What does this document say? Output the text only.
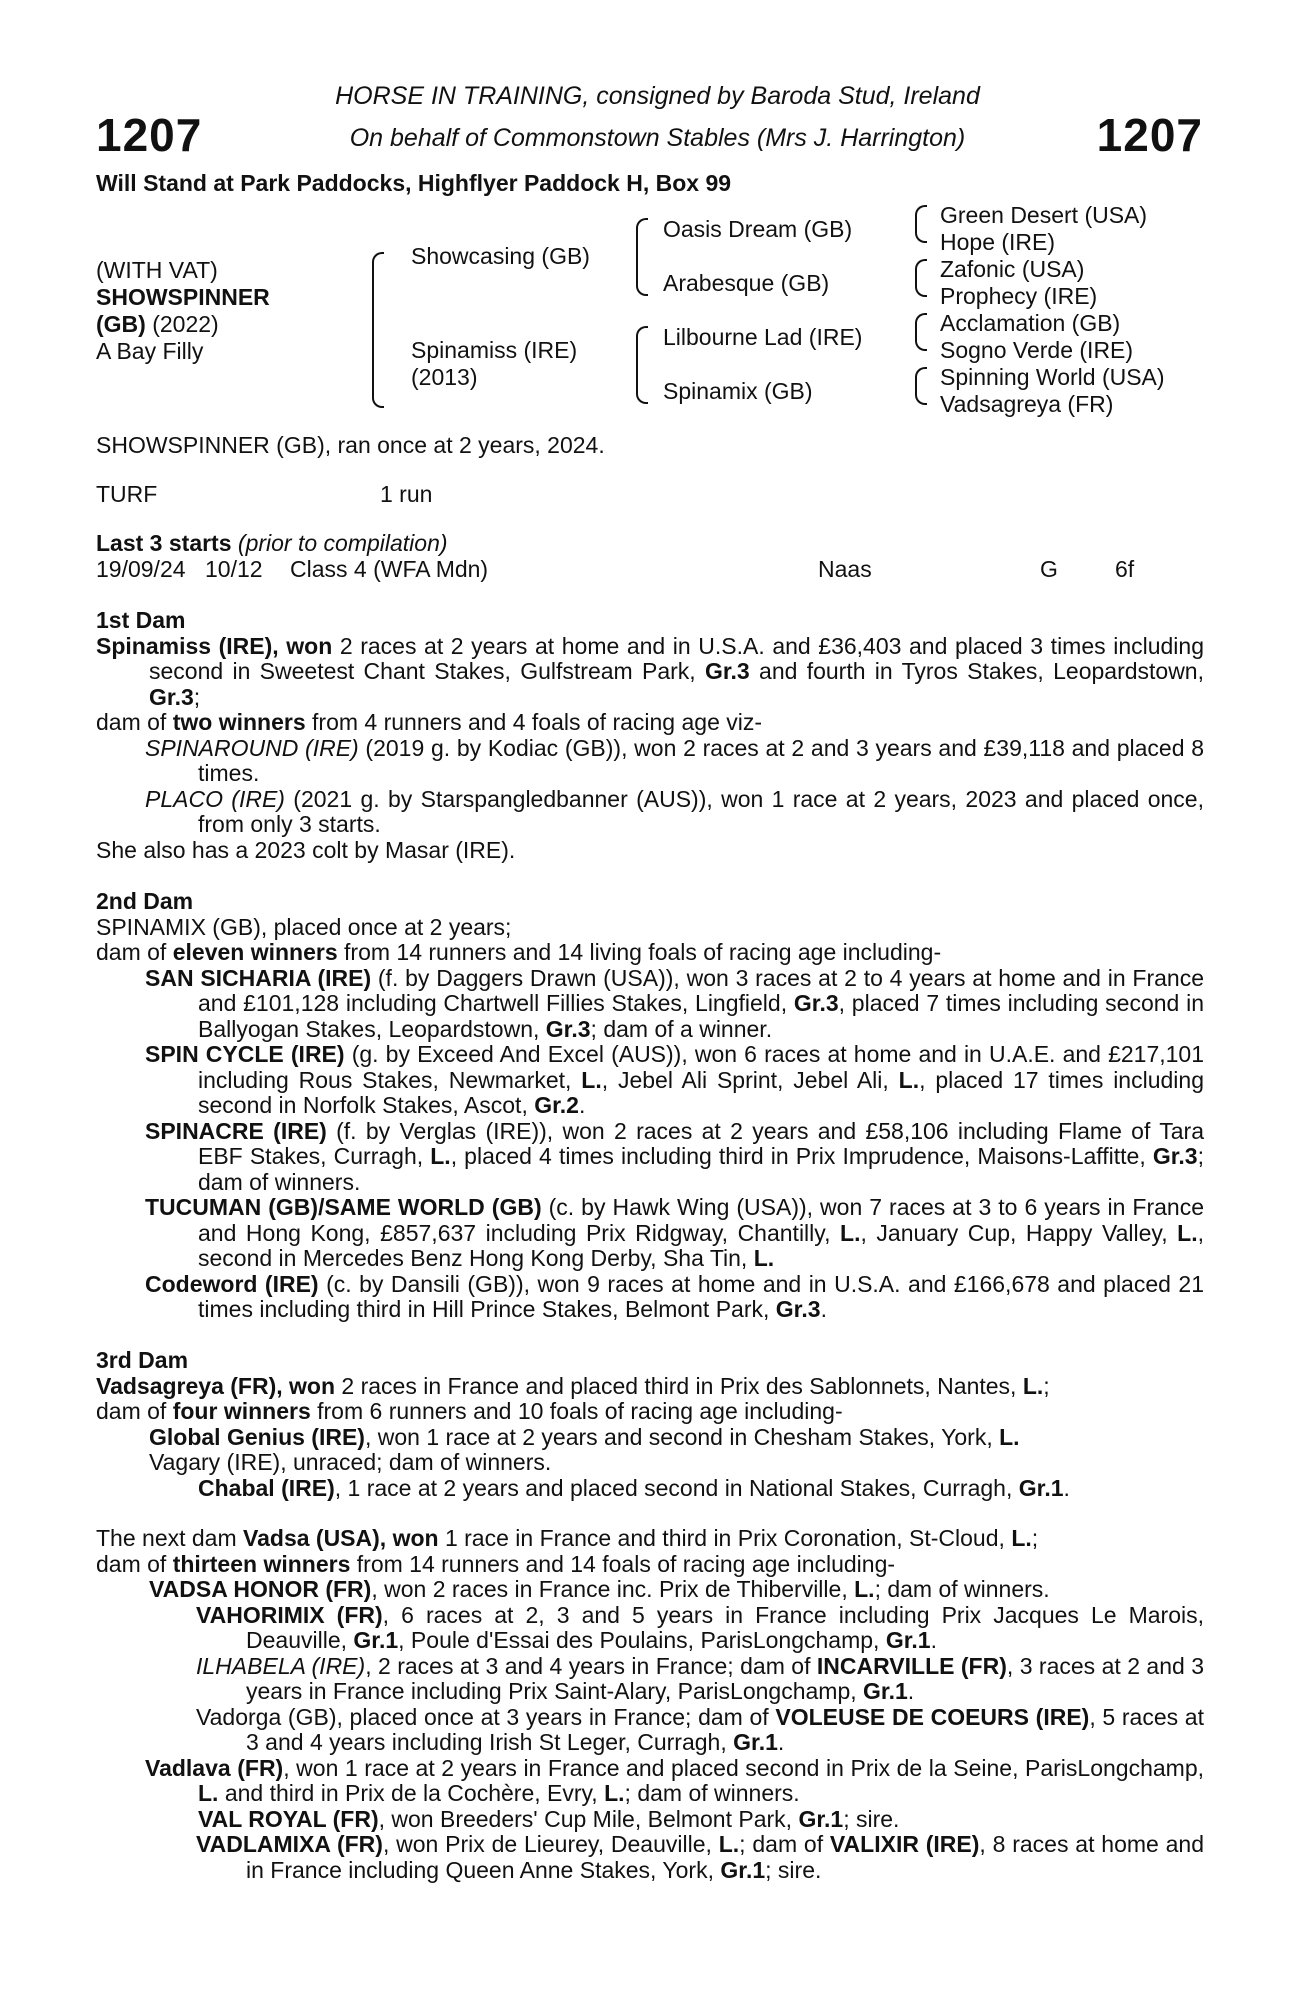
1207	1207
HORSE IN TRAINING, consigned by Baroda Stud, Ireland
On behalf of Commonstown Stables (Mrs J. Harrington)
Will Stand at Park Paddocks, Highflyer Paddock H, Box 99
(WITH VAT)
SHOWSPINNER
(GB) (2022)
A Bay Filly
Showcasing (GB)
Spinamiss (IRE)
(2013)
Oasis Dream (GB)
Arabesque (GB)
Lilbourne Lad (IRE)
Spinamix (GB)
Green Desert (USA)
Hope (IRE)
Zafonic (USA)
Prophecy (IRE)
Acclamation (GB)
Sogno Verde (IRE)
Spinning World (USA)
Vadsagreya (FR)
SHOWSPINNER (GB), ran once at 2 years, 2024.
TURF	1 run
Last 3 starts (prior to compilation)
19/09/24 10/12 Class 4 (WFA Mdn)	Naas	G 6f

1st Dam

Spinamiss (IRE), won 2 races at 2 years at home and in U.S.A. and £36,403 and placed 3 times including second in Sweetest Chant Stakes, Gulfstream Park, Gr.3 and fourth in Tyros Stakes, Leopardstown, Gr.3;

dam of two winners from 4 runners and 4 foals of racing age viz-

SPINAROUND (IRE) (2019 g. by Kodiac (GB)), won 2 races at 2 and 3 years and £39,118 and placed 8 times.

PLACO (IRE) (2021 g. by Starspangledbanner (AUS)), won 1 race at 2 years, 2023 and placed once, from only 3 starts.

She also has a 2023 colt by Masar (IRE).

2nd Dam

SPINAMIX (GB), placed once at 2 years;

dam of eleven winners from 14 runners and 14 living foals of racing age including-

SAN SICHARIA (IRE) (f. by Daggers Drawn (USA)), won 3 races at 2 to 4 years at home and in France and £101,128 including Chartwell Fillies Stakes, Lingfield, Gr.3, placed 7 times including second in Ballyogan Stakes, Leopardstown, Gr.3; dam of a winner.

SPIN CYCLE (IRE) (g. by Exceed And Excel (AUS)), won 6 races at home and in U.A.E. and £217,101 including Rous Stakes, Newmarket, L., Jebel Ali Sprint, Jebel Ali, L., placed 17 times including second in Norfolk Stakes, Ascot, Gr.2.

SPINACRE (IRE) (f. by Verglas (IRE)), won 2 races at 2 years and £58,106 including Flame of Tara EBF Stakes, Curragh, L., placed 4 times including third in Prix Imprudence, Maisons-Laffitte, Gr.3; dam of winners.

TUCUMAN (GB)/SAME WORLD (GB) (c. by Hawk Wing (USA)), won 7 races at 3 to 6 years in France and Hong Kong, £857,637 including Prix Ridgway, Chantilly, L., January Cup, Happy Valley, L., second in Mercedes Benz Hong Kong Derby, Sha Tin, L.

Codeword (IRE) (c. by Dansili (GB)), won 9 races at home and in U.S.A. and £166,678 and placed 21 times including third in Hill Prince Stakes, Belmont Park, Gr.3.

3rd Dam

Vadsagreya (FR), won 2 races in France and placed third in Prix des Sablonnets, Nantes, L.;

dam of four winners from 6 runners and 10 foals of racing age including-

Global Genius (IRE), won 1 race at 2 years and second in Chesham Stakes, York, L.

Vagary (IRE), unraced; dam of winners.

Chabal (IRE), 1 race at 2 years and placed second in National Stakes, Curragh, Gr.1.

The next dam Vadsa (USA), won 1 race in France and third in Prix Coronation, St-Cloud, L.;

dam of thirteen winners from 14 runners and 14 foals of racing age including-

VADSA HONOR (FR), won 2 races in France inc. Prix de Thiberville, L.; dam of winners.

VAHORIMIX (FR), 6 races at 2, 3 and 5 years in France including Prix Jacques Le Marois, Deauville, Gr.1, Poule d'Essai des Poulains, ParisLongchamp, Gr.1.

ILHABELA (IRE), 2 races at 3 and 4 years in France; dam of INCARVILLE (FR), 3 races at 2 and 3 years in France including Prix Saint-Alary, ParisLongchamp, Gr.1.

Vadorga (GB), placed once at 3 years in France; dam of VOLEUSE DE COEURS (IRE), 5 races at 3 and 4 years including Irish St Leger, Curragh, Gr.1.

Vadlava (FR), won 1 race at 2 years in France and placed second in Prix de la Seine, ParisLongchamp, L. and third in Prix de la Cochère, Evry, L.; dam of winners.

VAL ROYAL (FR), won Breeders' Cup Mile, Belmont Park, Gr.1; sire.

VADLAMIXA (FR), won Prix de Lieurey, Deauville, L.; dam of VALIXIR (IRE), 8 races at home and in France including Queen Anne Stakes, York, Gr.1; sire.
